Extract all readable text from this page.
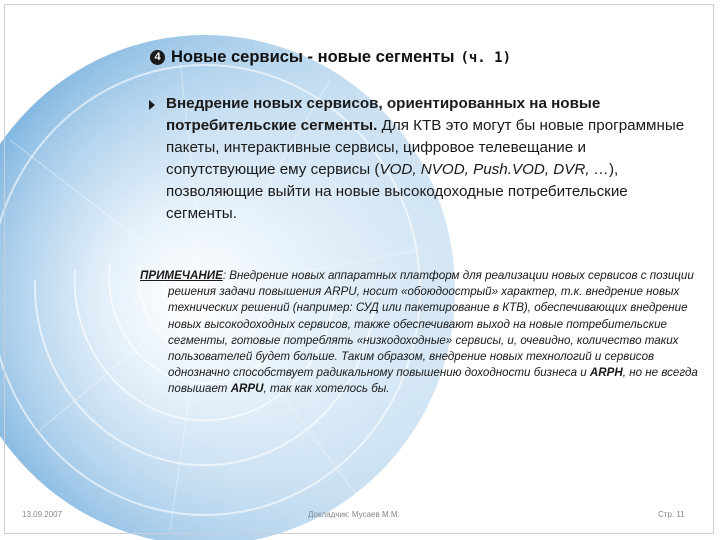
4 Новые сервисы - новые сегменты (ч. 1)
Внедрение новых сервисов, ориентированных на новые потребительские сегменты. Для КТВ это могут бы новые программные пакеты, интерактивные сервисы, цифровое телевещание и сопутствующие ему сервисы (VOD, NVOD, Push.VOD, DVR, …), позволяющие выйти на новые высокодоходные потребительские сегменты.
ПРИМЕЧАНИЕ: Внедрение новых аппаратных платформ для реализации новых сервисов с позиции решения задачи повышения ARPU, носит «обоюдоострый» характер, т.к. внедрение новых технических решений (например: СУД или пакетирование в КТВ), обеспечивающих внедрение новых высокодоходных сервисов, также обеспечивают выход на новые потребительские сегменты, готовые потреблять «низкодоходные» сервисы, и, очевидно, количество таких пользователей будет больше. Таким образом, внедрение новых технологий и сервисов однозначно способствует радикальному повышению доходности бизнеса и ARPH, но не всегда повышает ARPU, так как хотелось бы.
13.09.2007	Докладчик: Мусаев М.М.	Стр. 11
